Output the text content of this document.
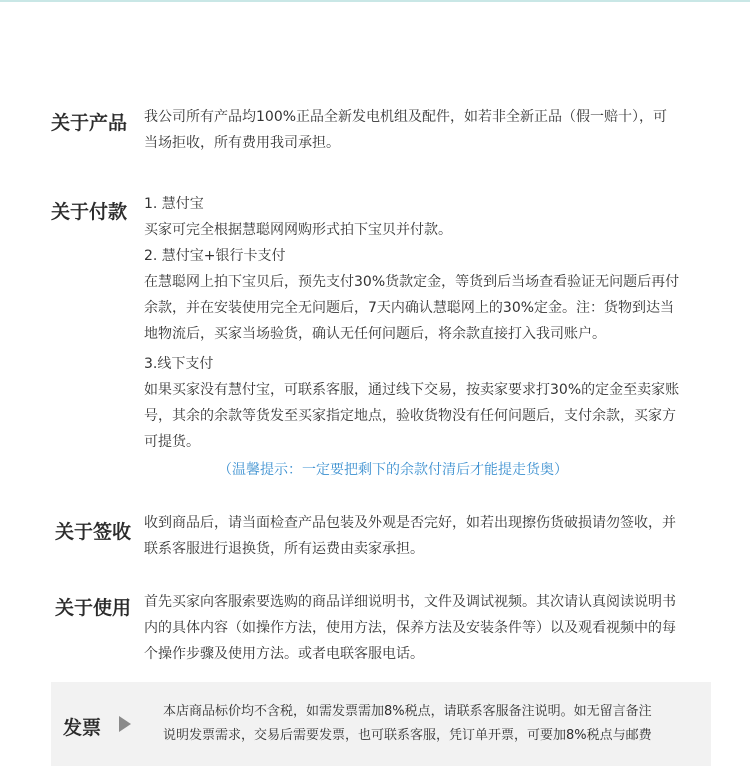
关于产品 我公司所有产品均100%正品全新发电机组及配件，如若非全新正品（假一赔十），可

当场拒收，所有费用我司承担。

关于付款 1. 慧付宝

买家可完全根据慧聪网网购形式拍下宝贝并付款。

2. 慧付宝+银行卡支付

在慧聪网上拍下宝贝后，预先支付30%货款定金，等货到后当场查看验证无问题后再付

余款，并在安装使用完全无问题后，7天内确认慧聪网上的30%定金。注：货物到达当

地物流后，买家当场验货，确认无任何问题后，将余款直接打入我司账户。

3.线下支付

如果买家没有慧付宝，可联系客服，通过线下交易，按卖家要求打30%的定金至卖家账

号，其余的余款等货发至买家指定地点，验收货物没有任何问题后，支付余款，买家方

可提货。

（温馨提示：一定要把剩下的余款付清后才能提走货奥）
关于签收 收到商品后，请当面检查产品包装及外观是否完好，如若出现擦伤货破损请勿签收，并

联系客服进行退换货，所有运费由卖家承担。

关于使用 首先买家向客服索要选购的商品详细说明书，文件及调试视频。其次请认真阅读说明书

内的具体内容（如操作方法，使用方法，保养方法及安装条件等）以及观看视频中的每

个操作步骤及使用方法。或者电联客服电话。

发票

本店商品标价均不含税，如需发票需加8%税点，请联系客服备注说明。如无留言备注

说明发票需求，交易后需要发票，也可联系客服，凭订单开票，可要加8%税点与邮费
